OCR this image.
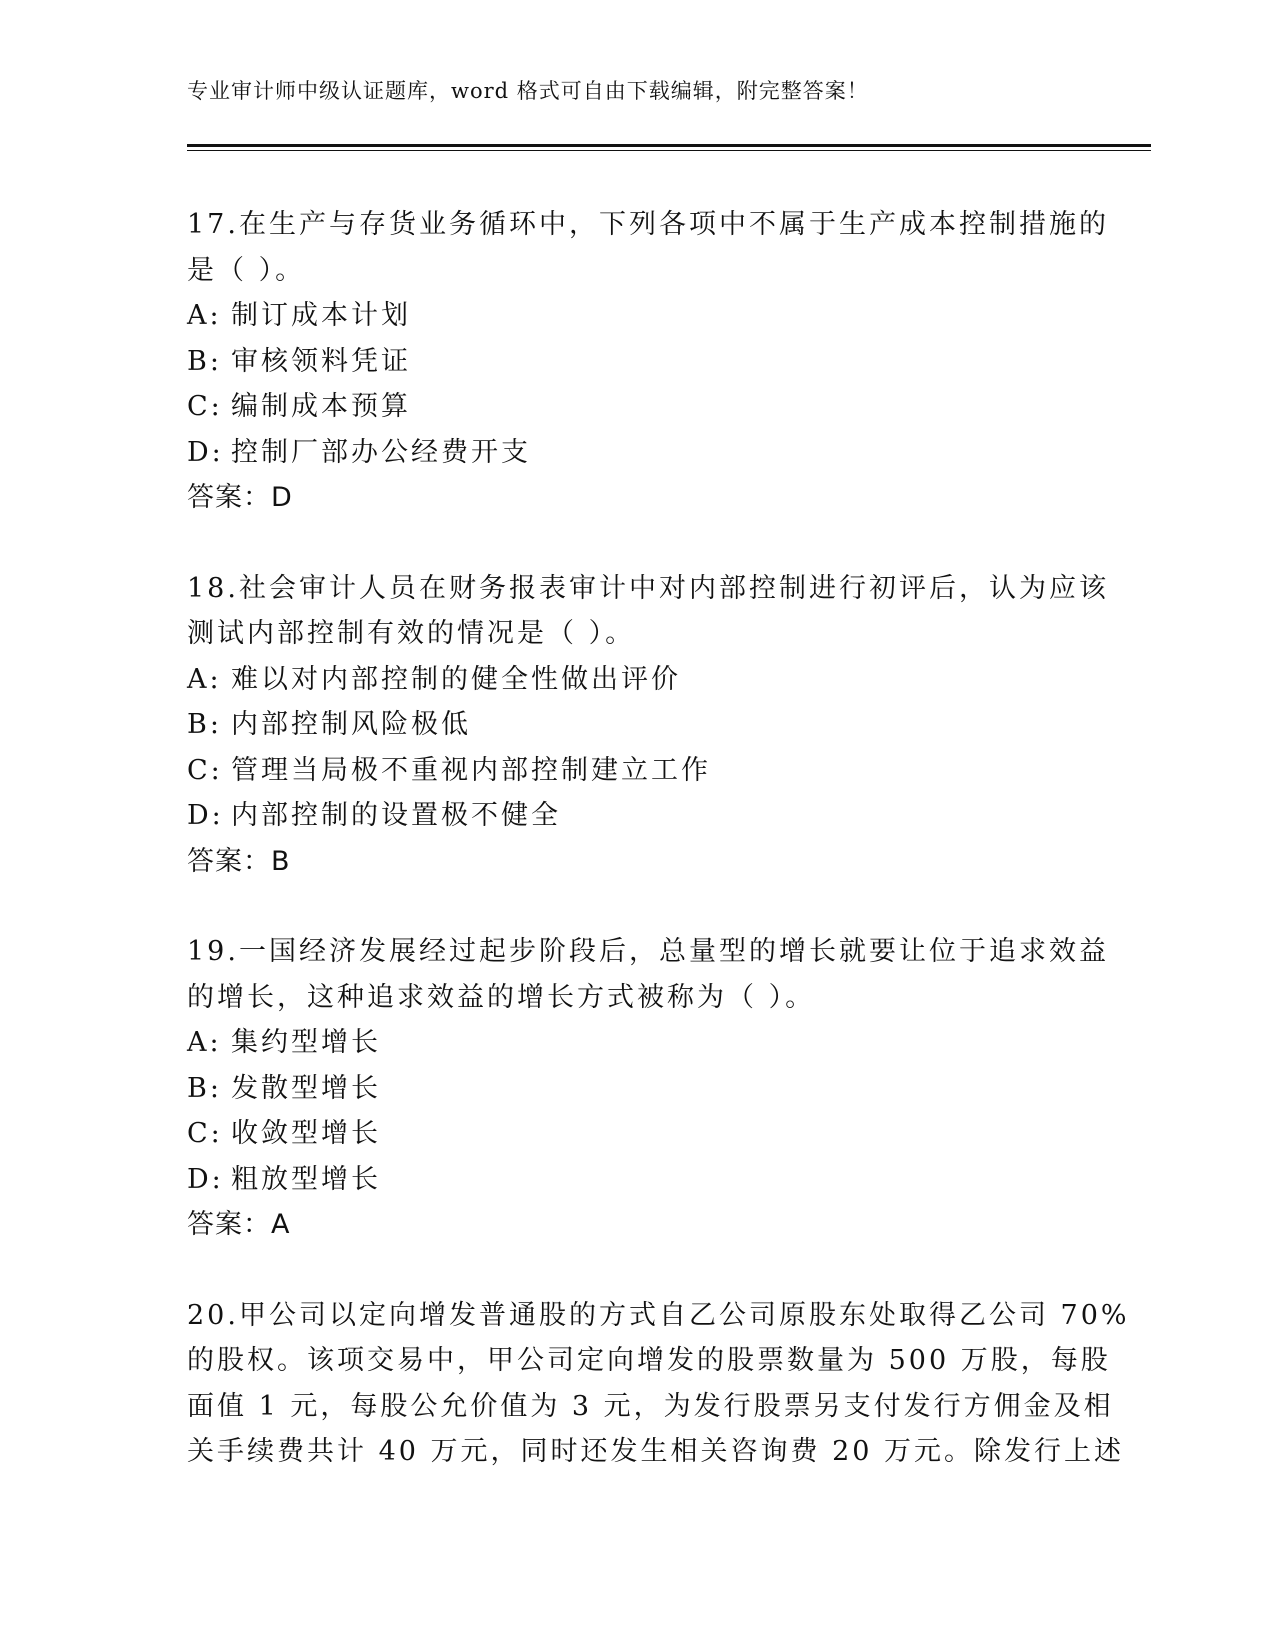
专业审计师中级认证题库，word 格式可自由下载编辑，附完整答案！
17.在生产与存货业务循环中，下列各项中不属于生产成本控制措施的
是（ ）。
A: 制订成本计划
B: 审核领料凭证
C: 编制成本预算
D: 控制厂部办公经费开支
答案：D
18.社会审计人员在财务报表审计中对内部控制进行初评后，认为应该
测试内部控制有效的情况是（ ）。
A: 难以对内部控制的健全性做出评价
B: 内部控制风险极低
C: 管理当局极不重视内部控制建立工作
D: 内部控制的设置极不健全
答案：B
19.一国经济发展经过起步阶段后，总量型的增长就要让位于追求效益
的增长，这种追求效益的增长方式被称为（ ）。
A: 集约型增长
B: 发散型增长
C: 收敛型增长
D: 粗放型增长
答案：A
20.甲公司以定向增发普通股的方式自乙公司原股东处取得乙公司 70%
的股权。该项交易中，甲公司定向增发的股票数量为 500 万股，每股
面值 1 元，每股公允价值为 3 元，为发行股票另支付发行方佣金及相
关手续费共计 40 万元，同时还发生相关咨询费 20 万元。除发行上述
